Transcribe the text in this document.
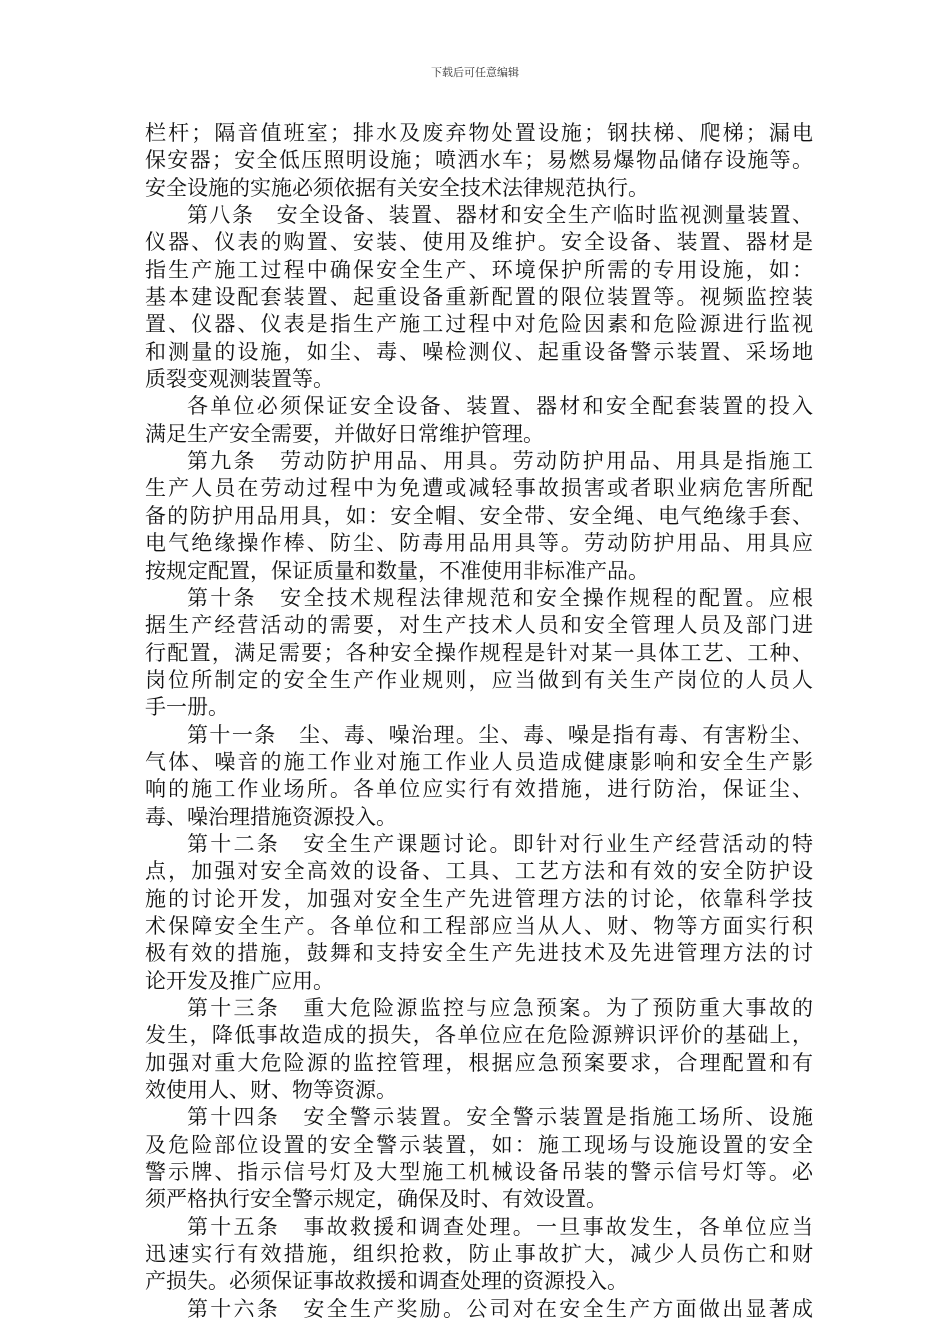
下载后可任意编辑
栏杆；隔音值班室；排水及废弃物处置设施；钢扶梯、爬梯；漏电
保安器；安全低压照明设施；喷洒水车；易燃易爆物品储存设施等。
安全设施的实施必须依据有关安全技术法律规范执行。
第八条　安全设备、装置、器材和安全生产临时监视测量装置、
仪器、仪表的购置、安装、使用及维护。安全设备、装置、器材是
指生产施工过程中确保安全生产、环境保护所需的专用设施，如：
基本建设配套装置、起重设备重新配置的限位装置等。视频监控装
置、仪器、仪表是指生产施工过程中对危险因素和危险源进行监视
和测量的设施，如尘、毒、噪检测仪、起重设备警示装置、采场地
质裂变观测装置等。
各单位必须保证安全设备、装置、器材和安全配套装置的投入
满足生产安全需要，并做好日常维护管理。
第九条　劳动防护用品、用具。劳动防护用品、用具是指施工
生产人员在劳动过程中为免遭或减轻事故损害或者职业病危害所配
备的防护用品用具，如：安全帽、安全带、安全绳、电气绝缘手套、
电气绝缘操作棒、防尘、防毒用品用具等。劳动防护用品、用具应
按规定配置，保证质量和数量，不准使用非标准产品。
第十条　安全技术规程法律规范和安全操作规程的配置。应根
据生产经营活动的需要，对生产技术人员和安全管理人员及部门进
行配置，满足需要；各种安全操作规程是针对某一具体工艺、工种、
岗位所制定的安全生产作业规则，应当做到有关生产岗位的人员人
手一册。
第十一条　尘、毒、噪治理。尘、毒、噪是指有毒、有害粉尘、
气体、噪音的施工作业对施工作业人员造成健康影响和安全生产影
响的施工作业场所。各单位应实行有效措施，进行防治，保证尘、
毒、噪治理措施资源投入。
第十二条　安全生产课题讨论。即针对行业生产经营活动的特
点，加强对安全高效的设备、工具、工艺方法和有效的安全防护设
施的讨论开发，加强对安全生产先进管理方法的讨论，依靠科学技
术保障安全生产。各单位和工程部应当从人、财、物等方面实行积
极有效的措施，鼓舞和支持安全生产先进技术及先进管理方法的讨
论开发及推广应用。
第十三条　重大危险源监控与应急预案。为了预防重大事故的
发生，降低事故造成的损失，各单位应在危险源辨识评价的基础上，
加强对重大危险源的监控管理，根据应急预案要求，合理配置和有
效使用人、财、物等资源。
第十四条　安全警示装置。安全警示装置是指施工场所、设施
及危险部位设置的安全警示装置，如：施工现场与设施设置的安全
警示牌、指示信号灯及大型施工机械设备吊装的警示信号灯等。必
须严格执行安全警示规定，确保及时、有效设置。
第十五条　事故救援和调查处理。一旦事故发生，各单位应当
迅速实行有效措施，组织抢救，防止事故扩大，减少人员伤亡和财
产损失。必须保证事故救援和调查处理的资源投入。
第十六条　安全生产奖励。公司对在安全生产方面做出显著成
